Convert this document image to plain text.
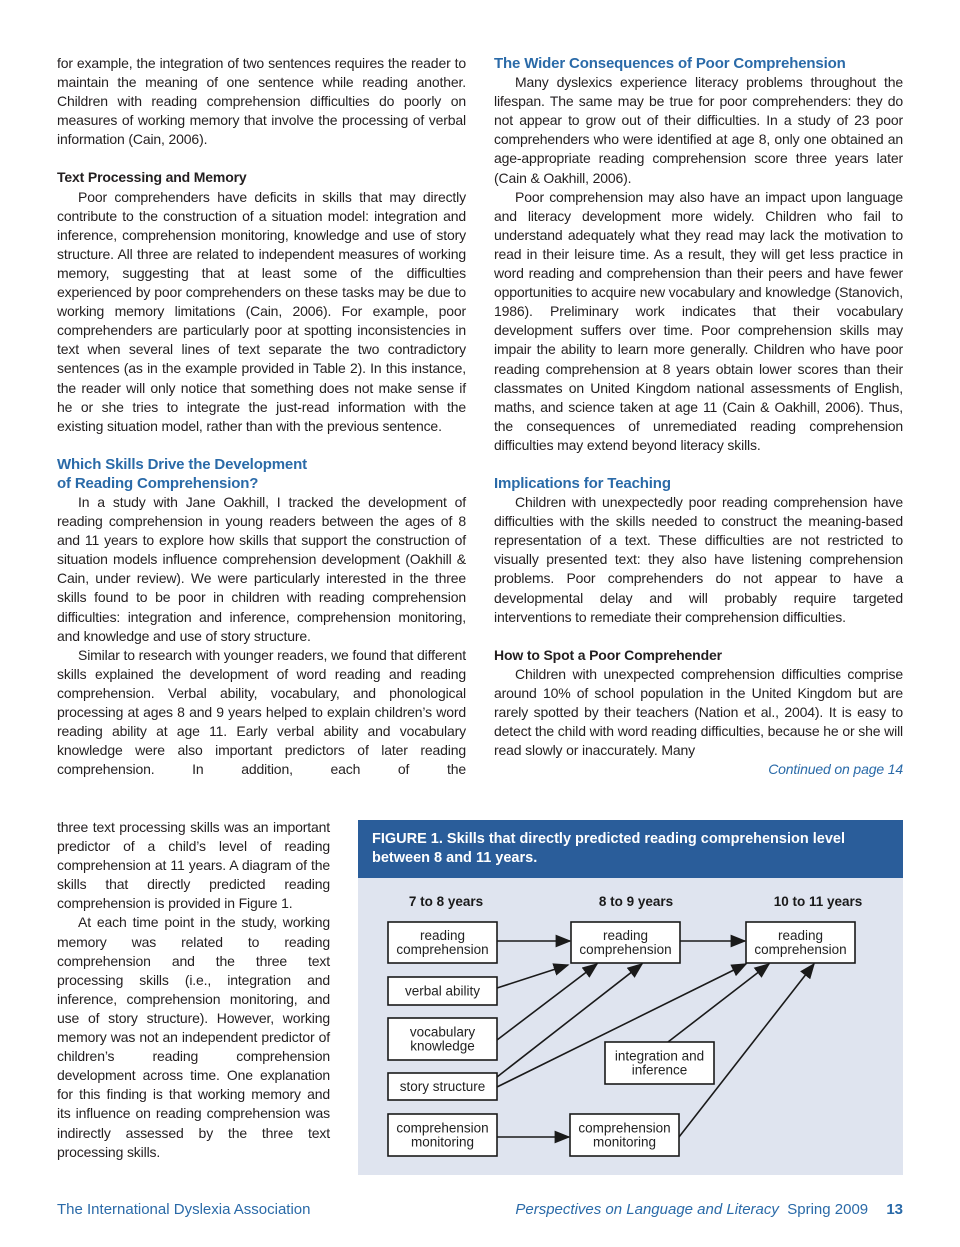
for example, the integration of two sentences requires the reader to maintain the meaning of one sentence while reading another. Children with reading comprehension difficulties do poorly on measures of working memory that involve the processing of verbal information (Cain, 2006).

Text Processing and Memory

Poor comprehenders have deficits in skills that may directly contribute to the construction of a situation model: integration and inference, comprehension monitoring, knowledge and use of story structure. All three are related to independent measures of working memory, suggesting that at least some of the difficulties experienced by poor comprehenders on these tasks may be due to working memory limitations (Cain, 2006). For example, poor comprehenders are particularly poor at spotting inconsistencies in text when several lines of text separate the two contradictory sentences (as in the example provided in Table 2). In this instance, the reader will only notice that something does not make sense if he or she tries to integrate the just-read information with the existing situation model, rather than with the previous sentence.

Which Skills Drive the Development
of Reading Comprehension?

In a study with Jane Oakhill, I tracked the development of reading comprehension in young readers between the ages of 8 and 11 years to explore how skills that support the construction of situation models influence comprehension development (Oakhill & Cain, under review). We were particularly interested in the three skills found to be poor in children with reading comprehension difficulties: integration and inference, comprehension monitoring, and knowledge and use of story structure.

Similar to research with younger readers, we found that different skills explained the development of word reading and reading comprehension. Verbal ability, vocabulary, and phonological processing at ages 8 and 9 years helped to explain children’s word reading ability at age 11. Early verbal ability and vocabulary knowledge were also important predictors of later reading comprehension. In addition, each of the

three text processing skills was an important predictor of a child’s level of reading comprehension at 11 years. A diagram of the skills that directly predicted reading comprehension is provided in Figure 1.

At each time point in the study, working memory was related to reading comprehension and the three text processing skills (i.e., integration and inference, comprehension monitoring, and use of story structure). However, working memory was not an independent predictor of children’s reading comprehension development across time. One explanation for this finding is that working memory and its influence on reading comprehension was indirectly assessed by the three text processing skills.

The Wider Consequences of Poor Comprehension

Many dyslexics experience literacy problems throughout the lifespan. The same may be true for poor comprehenders: they do not appear to grow out of their difficulties. In a study of 23 poor comprehenders who were identified at age 8, only one obtained an age-appropriate reading comprehension score three years later (Cain & Oakhill, 2006).

Poor comprehension may also have an impact upon language and literacy development more widely. Children who fail to understand adequately what they read may lack the motivation to read in their leisure time. As a result, they will get less practice in word reading and comprehension than their peers and have fewer opportunities to acquire new vocabulary and knowledge (Stanovich, 1986). Preliminary work indicates that their vocabulary development suffers over time. Poor comprehension skills may impair the ability to learn more generally. Children who have poor reading comprehension at 8 years obtain lower scores than their classmates on United Kingdom national assessments of English, maths, and science taken at age 11 (Cain & Oakhill, 2006). Thus, the consequences of unremediated reading comprehension difficulties may extend beyond literacy skills.

Implications for Teaching

Children with unexpectedly poor reading comprehension have difficulties with the skills needed to construct the meaning-based representation of a text. These difficulties are not restricted to visually presented text: they also have listening comprehension problems. Poor comprehenders do not appear to have a developmental delay and will probably require targeted interventions to remediate their comprehension difficulties.

How to Spot a Poor Comprehender

Children with unexpected comprehension difficulties comprise around 10% of school population in the United Kingdom but are rarely spotted by their teachers (Nation et al., 2004). It is easy to detect the child with word reading difficulties, because he or she will read slowly or inaccurately. Many

Continued on page 14

FIGURE 1. Skills that directly predicted reading comprehension level between 8 and 11 years.
reading
comprehension
verbal ability
vocabulary
knowledge
story structure
comprehension
monitoring
reading
comprehension
integration and
inference
comprehension
monitoring
reading
comprehension
7 to 8 years	8 to 9 years	10 to 11 years
The International Dyslexia Association	Perspectives on Language and Literacy Spring 2009 13
